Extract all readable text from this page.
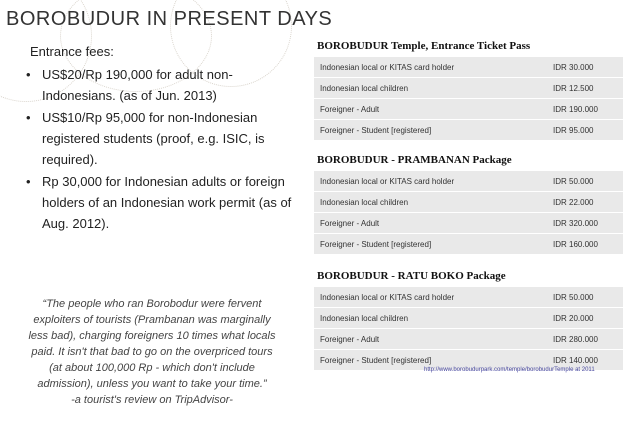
BOROBUDUR IN PRESENT DAYS
Entrance fees:
• US$20/Rp 190,000 for adult non-Indonesians. (as of Jun. 2013)
• US$10/Rp 95,000 for non-Indonesian registered students (proof, e.g. ISIC, is required).
• Rp 30,000 for Indonesian adults or foreign holders of an Indonesian work permit (as of Aug. 2012).
“The people who ran Borobodur were fervent exploiters of tourists (Prambanan was marginally less bad), charging foreigners 10 times what locals paid. It isn't that bad to go on the overpriced tours (at about 100,000 Rp - which don't include admission), unless you want to take your time.”
-a tourist's review on TripAdvisor-
BOROBUDUR Temple, Entrance Ticket Pass
Indonesian local or KITAS card holder	IDR 30.000
Indonesian local children	IDR 12.500
Foreigner - Adult	IDR 190.000
Foreigner - Student [registered]	IDR 95.000
BOROBUDUR - PRAMBANAN Package
Indonesian local or KITAS card holder	IDR 50.000
Indonesian local children	IDR 22.000
Foreigner - Adult	IDR 320.000
Foreigner - Student [registered]	IDR 160.000
BOROBUDUR - RATU BOKO Package
Indonesian local or KITAS card holder	IDR 50.000
Indonesian local children	IDR 20.000
Foreigner - Adult	IDR 280.000
Foreigner - Student [registered]	IDR 140.000
http://www.borobudurpark.com/temple/borobudurTemple at 2011
